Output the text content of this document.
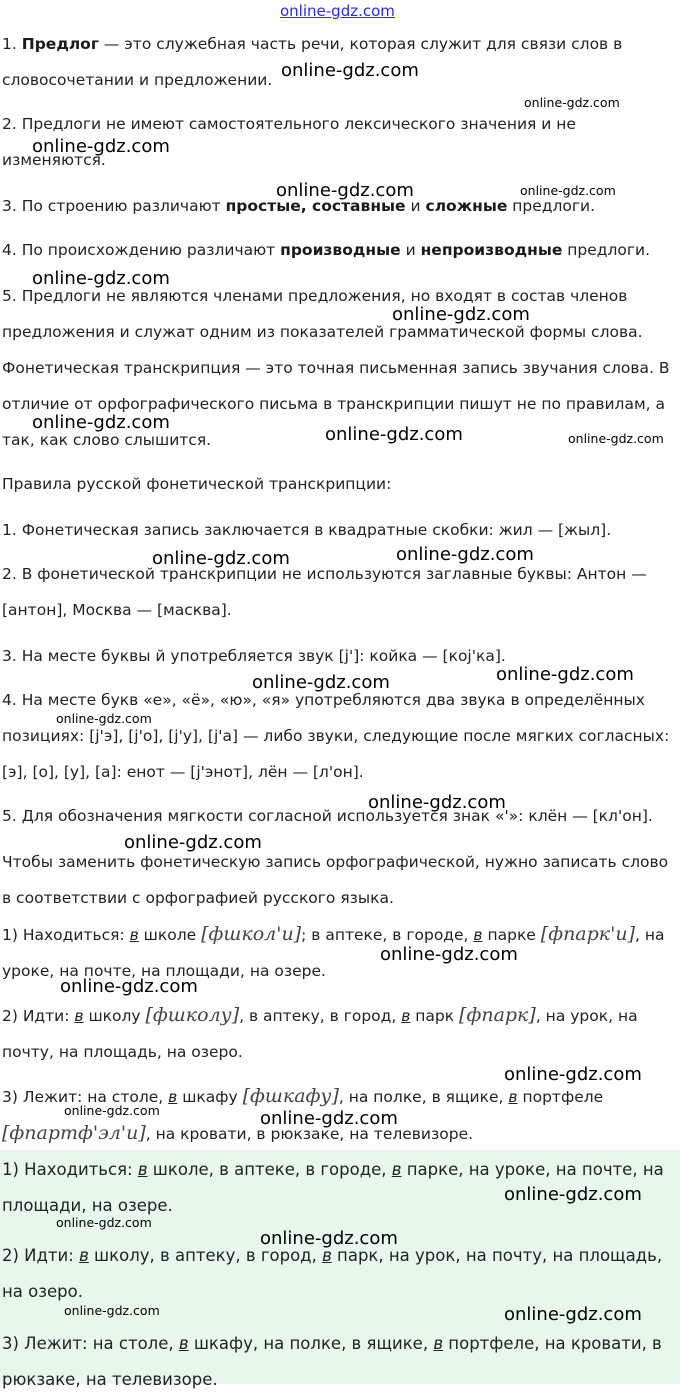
online-gdz.com

1. Предлог — это служебная часть речи, которая служит для связи слов в словосочетании и предложении.

2. Предлоги не имеют самостоятельного лексического значения и не изменяются.

3. По строению различают простые, составные и сложные предлоги.

4. По происхождению различают производные и непроизводные предлоги.

5. Предлоги не являются членами предложения, но входят в состав членов предложения и служат одним из показателей грамматической формы слова.

Фонетическая транскрипция — это точная письменная запись звучания слова. В отличие от орфографического письма в транскрипции пишут не по правилам, а так, как слово слышится.

Правила русской фонетической транскрипции:

1. Фонетическая запись заключается в квадратные скобки: жил — [жыл].

2. В фонетической транскрипции не используются заглавные буквы: Антон — [антон], Москва — [масква].

3. На месте буквы й употребляется звук [j']: койка — [коj'ка].

4. На месте букв «е», «ё», «ю», «я» употребляются два звука в определённых позициях: [j'э], [j'о], [j'у], [j'а] — либо звуки, следующие после мягких согласных: [э], [о], [у], [а]: енот — [j'энот], лён — [л'он].

5. Для обозначения мягкости согласной используется знак «'»: клён — [кл'он].

Чтобы заменить фонетическую запись орфографической, нужно записать слово в соответствии с орфографией русского языка.

1) Находиться: в школе [фшкол'и]; в аптеке, в городе, в парке [фпарк'и], на уроке, на почте, на площади, на озере.

2) Идти: в школу [фшколу], в аптеку, в город, в парк [фпарк], на урок, на почту, на площадь, на озеро.

3) Лежит: на столе, в шкафу [фшкафу], на полке, в ящике, в портфеле [фпартф'эл'и], на кровати, в рюкзаке, на телевизоре.

1) Находиться: в школе, в аптеке, в городе, в парке, на уроке, на почте, на площади, на озере.

2) Идти: в школу, в аптеку, в город, в парк, на урок, на почту, на площадь, на озеро.

3) Лежит: на столе, в шкафу, на полке, в ящике, в портфеле, на кровати, в рюкзаке, на телевизоре.

online-gdz.com
online-gdz.com
online-gdz.com
online-gdz.com	online-gdz.com
online-gdz.com
online-gdz.com
online-gdz.com
online-gdz.com	online-gdz.com
online-gdz.com	online-gdz.com
online-gdz.com
online-gdz.com
online-gdz.com
online-gdz.com
online-gdz.com
online-gdz.com
online-gdz.com
online-gdz.com
online-gdz.com	online-gdz.com
online-gdz.com
online-gdz.com
online-gdz.com
online-gdz.com	online-gdz.com
